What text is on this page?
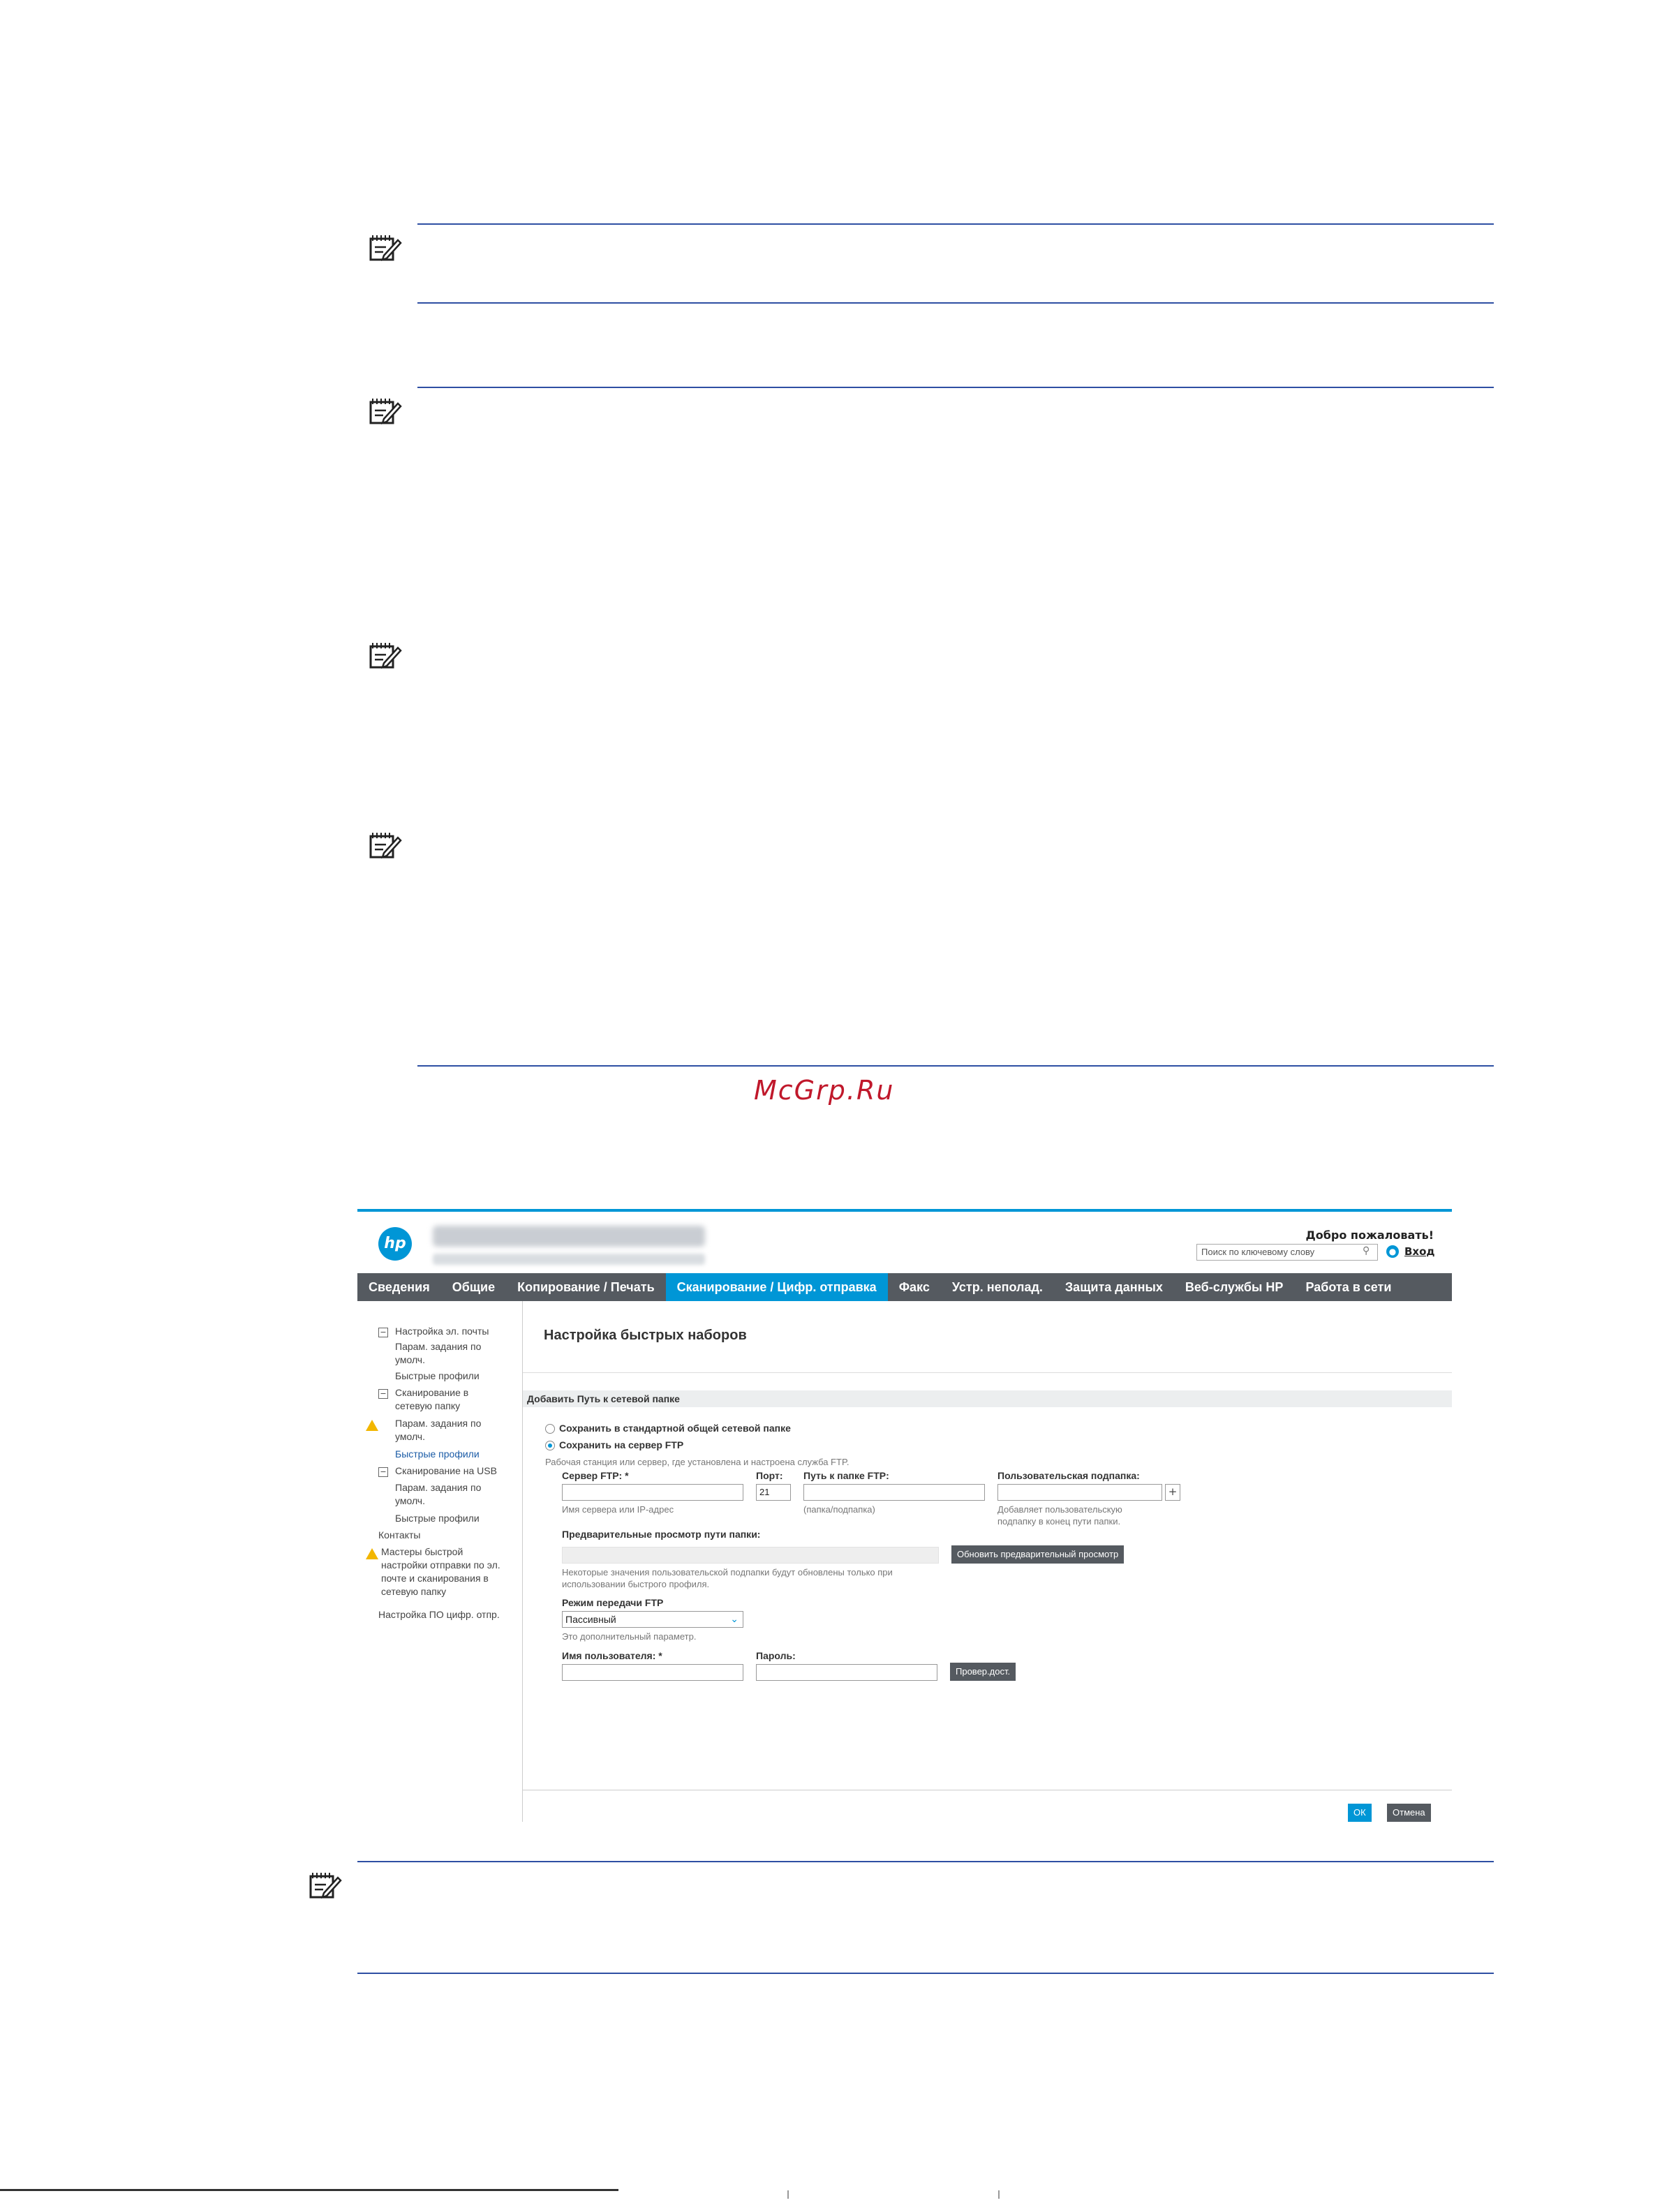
McGrp.Ru
hp	Добро пожаловать!
Поиск по ключевому слову	⚲	● Вход
Сведения	Общие	Копирование / Печать	Сканирование / Цифр. отправка	Факс	Устр. неполад.	Защита данных	Веб-службы HP	Работа в сети
− Настройка эл. почты
Парам. задания по умолч.
Быстрые профили
− Сканирование в сетевую папку
Парам. задания по умолч.
Быстрые профили
− Сканирование на USB
Парам. задания по умолч.
Быстрые профили
Контакты
Мастеры быстрой настройки отправки по эл. почте и сканирования в сетевую папку
Настройка ПО цифр. отпр.
Настройка быстрых наборов
Добавить Путь к сетевой папке
Сохранить в стандартной общей сетевой папке
Сохранить на сервер FTP
Рабочая станция или сервер, где установлена и настроена служба FTP.
Сервер FTP: *
Имя сервера или IP-адрес
Порт:
21
Путь к папке FTP:
(папка/подпапка)
Пользовательская подпапка:
+
Добавляет пользовательскую подпапку в конец пути папки.
Предварительные просмотр пути папки:
Обновить предварительный просмотр
Некоторые значения пользовательской подпапки будут обновлены только при использовании быстрого профиля.
Режим передачи FTP
Пассивный	⌄
Это дополнительный параметр.
Имя пользователя: *	Пароль:
Провер.дост.
ОК	Отмена
